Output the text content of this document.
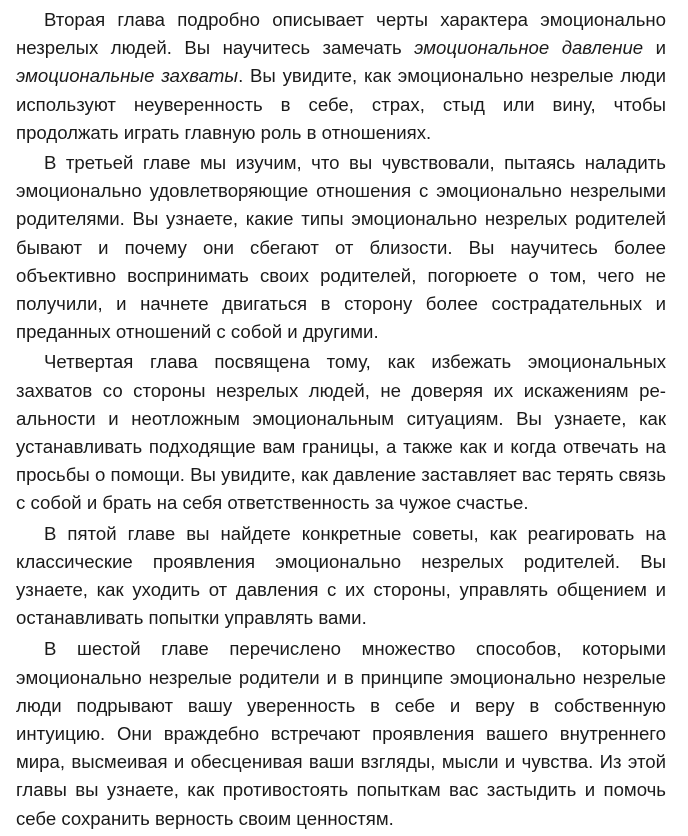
Вторая глава подробно описывает черты характера эмоционально незрелых людей. Вы научитесь замечать эмоциональное давление и эмоциональные захваты. Вы увидите, как эмоционально незрелые люди используют неуверенность в себе, страх, стыд или вину, чтобы продолжать играть главную роль в отношениях.

В третьей главе мы изучим, что вы чувствовали, пытаясь наладить эмоционально удовлетворяющие отношения с эмоционально незрелыми родителями. Вы узнаете, какие типы эмоционально незрелых родителей бывают и почему они сбегают от близости. Вы научитесь более объективно воспринимать своих родителей, погорюете о том, чего не получили, и начнете двигаться в сторону более сострадательных и преданных отношений с собой и другими.

Четвертая глава посвящена тому, как избежать эмоциональных захватов со стороны незрелых людей, не доверяя их искажениям реальности и неотложным эмоциональным ситуациям. Вы узнаете, как устанавливать подходящие вам границы, а также как и когда отвечать на просьбы о помощи. Вы увидите, как давление заставляет вас терять связь с собой и брать на себя ответственность за чужое счастье.

В пятой главе вы найдете конкретные советы, как реагировать на классические проявления эмоционально незрелых родителей. Вы узнаете, как уходить от давления с их стороны, управлять общением и останавливать попытки управлять вами.

В шестой главе перечислено множество способов, которыми эмоционально незрелые родители и в принципе эмоционально незрелые люди подрывают вашу уверенность в себе и веру в собственную интуицию. Они враждебно встречают проявления вашего внутреннего мира, высмеивая и обесценивая ваши взгляды, мысли и чувства. Из этой главы вы узнаете, как противостоять попыткам вас застыдить и помочь себе сохранить верность своим ценностям.
